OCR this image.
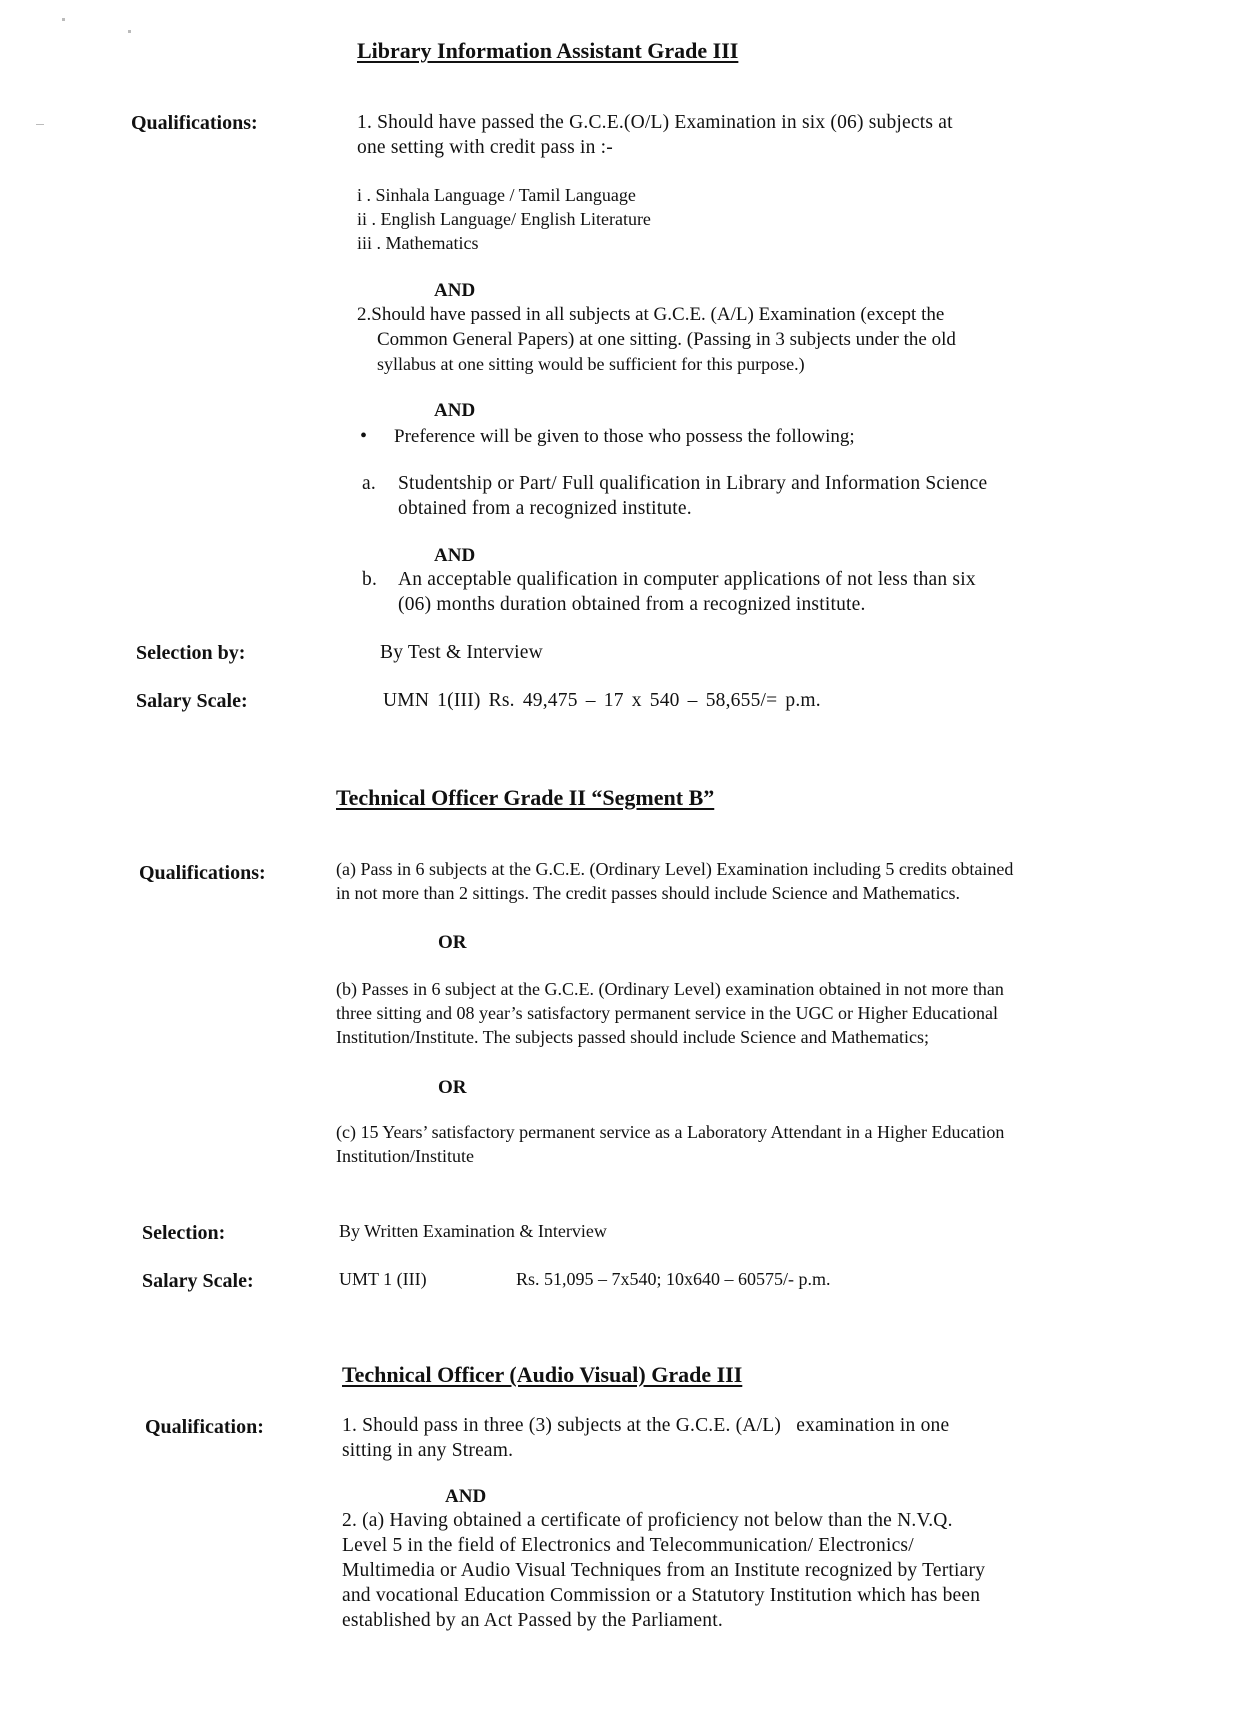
Library Information Assistant Grade III
Qualifications:	1. Should have passed the G.C.E.(O/L) Examination in six (06) subjects at
one setting with credit pass in :-
i . Sinhala Language / Tamil Language
ii . English Language/ English Literature
iii . Mathematics
AND
2.Should have passed in all subjects at G.C.E. (A/L) Examination (except the
Common General Papers) at one sitting. (Passing in 3 subjects under the old
syllabus at one sitting would be sufficient for this purpose.)
AND
• Preference will be given to those who possess the following;
a. Studentship or Part/ Full qualification in Library and Information Science
obtained from a recognized institute.
AND
b. An acceptable qualification in computer applications of not less than six
(06) months duration obtained from a recognized institute.
Selection by:	By Test & Interview
Salary Scale:	UMN 1(III) Rs. 49,475 – 17 x 540 – 58,655/= p.m.
Technical Officer Grade II “Segment B”
Qualifications:	(a) Pass in 6 subjects at the G.C.E. (Ordinary Level) Examination including 5 credits obtained
in not more than 2 sittings. The credit passes should include Science and Mathematics.
OR
(b) Passes in 6 subject at the G.C.E. (Ordinary Level) examination obtained in not more than
three sitting and 08 year’s satisfactory permanent service in the UGC or Higher Educational
Institution/Institute. The subjects passed should include Science and Mathematics;
OR
(c) 15 Years’ satisfactory permanent service as a Laboratory Attendant in a Higher Education
Institution/Institute
Selection:	By Written Examination & Interview
Salary Scale:	UMT 1 (III)	Rs. 51,095 – 7x540; 10x640 – 60575/- p.m.
Technical Officer (Audio Visual) Grade III
Qualification:	1. Should pass in three (3) subjects at the G.C.E. (A/L)   examination in one
sitting in any Stream.
AND
2. (a) Having obtained a certificate of proficiency not below than the N.V.Q.
Level 5 in the field of Electronics and Telecommunication/ Electronics/
Multimedia or Audio Visual Techniques from an Institute recognized by Tertiary
and vocational Education Commission or a Statutory Institution which has been
established by an Act Passed by the Parliament.
